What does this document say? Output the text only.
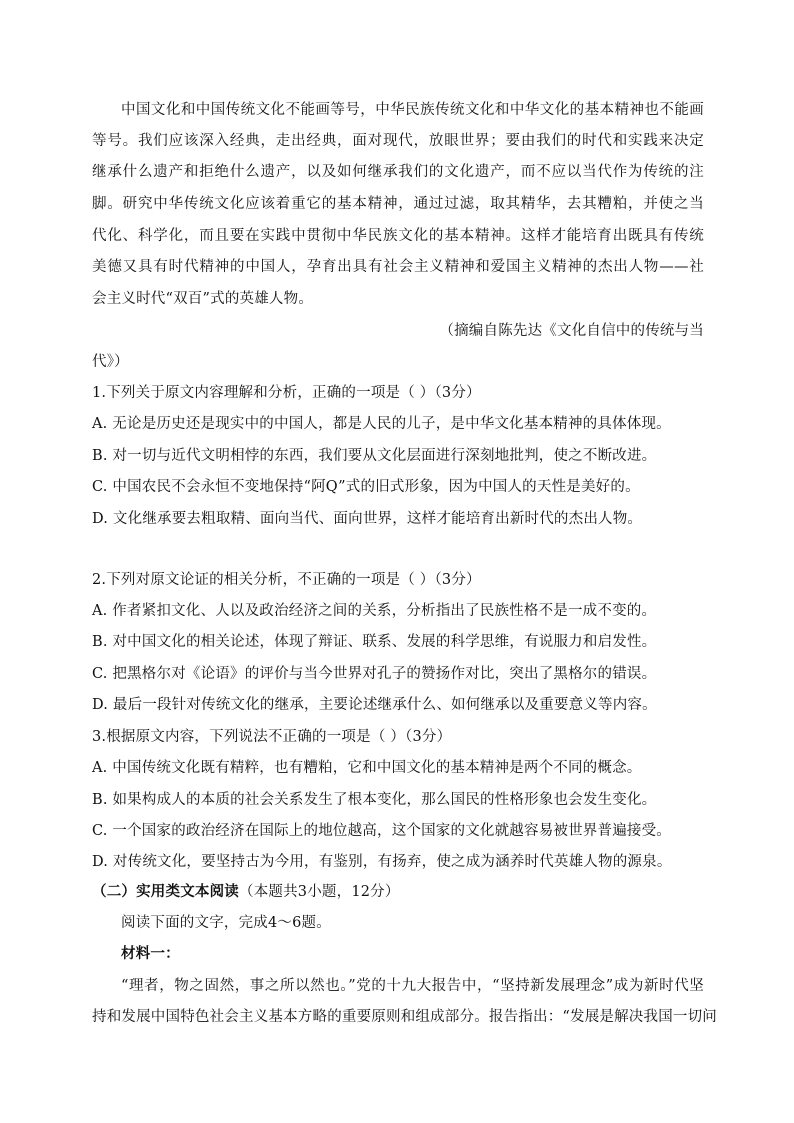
中国文化和中国传统文化不能画等号，中华民族传统文化和中华文化的基本精神也不能画
等号。我们应该深入经典，走出经典，面对现代，放眼世界；要由我们的时代和实践来决定
继承什么遗产和拒绝什么遗产，以及如何继承我们的文化遗产，而不应以当代作为传统的注
脚。研究中华传统文化应该着重它的基本精神，通过过滤，取其精华，去其糟粕，并使之当
代化、科学化，而且要在实践中贯彻中华民族文化的基本精神。这样才能培育出既具有传统
美德又具有时代精神的中国人，孕育出具有社会主义精神和爱国主义精神的杰出人物——社
会主义时代“双百”式的英雄人物。
（摘编自陈先达《文化自信中的传统与当
代》）
1.下列关于原文内容理解和分析，正确的一项是（ ）（3分）
A. 无论是历史还是现实中的中国人，都是人民的儿子，是中华文化基本精神的具体体现。
B. 对一切与近代文明相悖的东西，我们要从文化层面进行深刻地批判，使之不断改进。
C. 中国农民不会永恒不变地保持“阿Q”式的旧式形象，因为中国人的天性是美好的。
D. 文化继承要去粗取精、面向当代、面向世界，这样才能培育出新时代的杰出人物。
2.下列对原文论证的相关分析，不正确的一项是（ ）（3分）
A. 作者紧扣文化、人以及政治经济之间的关系，分析指出了民族性格不是一成不变的。
B. 对中国文化的相关论述，体现了辩证、联系、发展的科学思维，有说服力和启发性。
C. 把黑格尔对《论语》的评价与当今世界对孔子的赞扬作对比，突出了黑格尔的错误。
D. 最后一段针对传统文化的继承，主要论述继承什么、如何继承以及重要意义等内容。
3.根据原文内容，下列说法不正确的一项是（ ）（3分）
A. 中国传统文化既有精粹，也有糟粕，它和中国文化的基本精神是两个不同的概念。
B. 如果构成人的本质的社会关系发生了根本变化，那么国民的性格形象也会发生变化。
C. 一个国家的政治经济在国际上的地位越高，这个国家的文化就越容易被世界普遍接受。
D. 对传统文化，要坚持古为今用，有鉴别，有扬弃，使之成为涵养时代英雄人物的源泉。
（二）实用类文本阅读（本题共3小题，12分）
阅读下面的文字，完成4～6题。
材料一：
“理者，物之固然，事之所以然也。”党的十九大报告中，“坚持新发展理念”成为新时代坚
持和发展中国特色社会主义基本方略的重要原则和组成部分。报告指出：“发展是解决我国一切问
